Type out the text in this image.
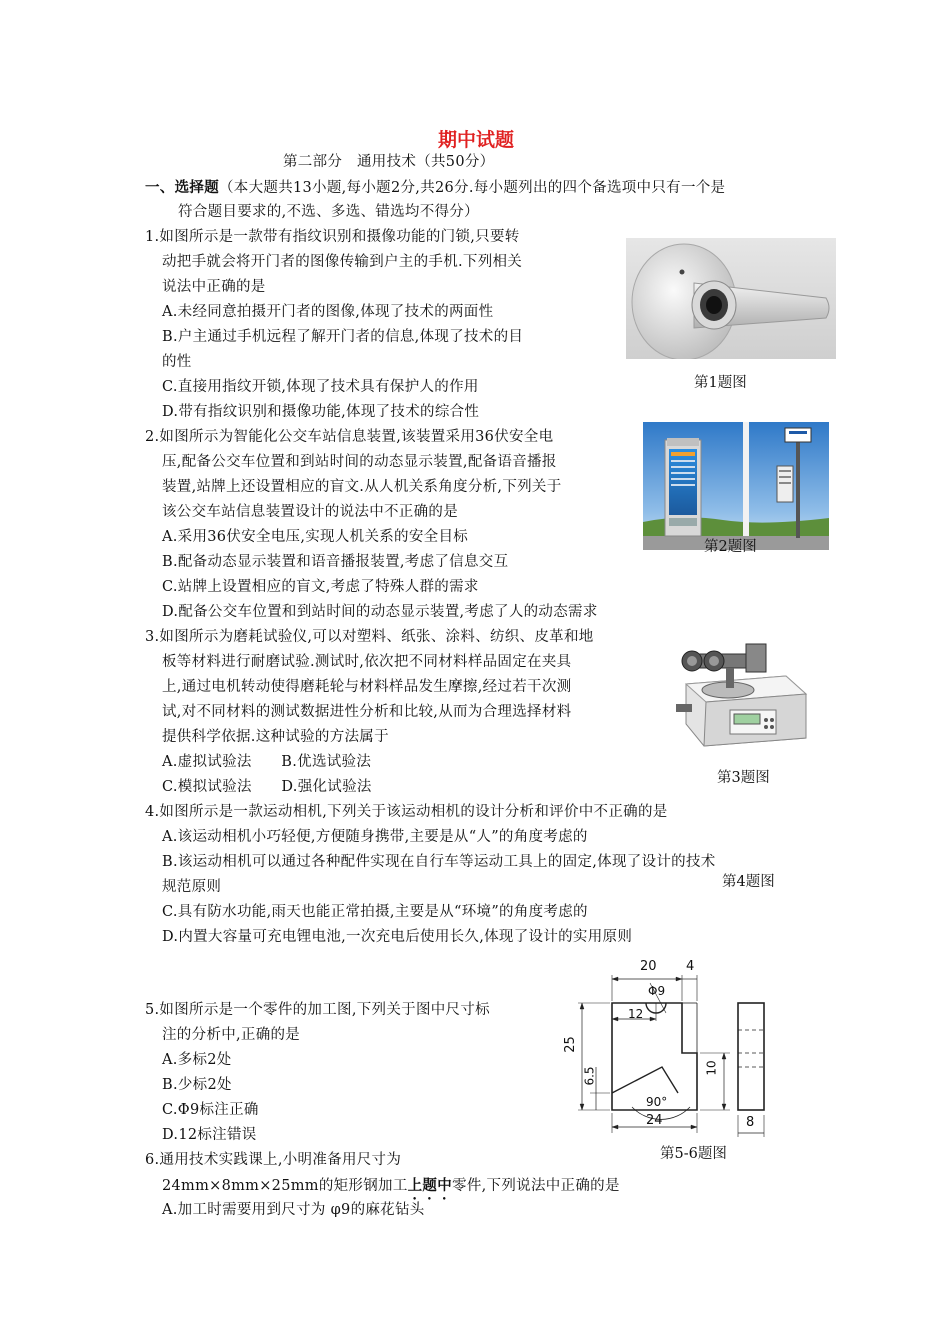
期中试题
第二部分　通用技术（共50分）
一、选择题（本大题共13小题,每小题2分,共26分.每小题列出的四个备选项中只有一个是
符合题目要求的,不选、多选、错选均不得分）
1.如图所示是一款带有指纹识别和摄像功能的门锁,只要转
动把手就会将开门者的图像传输到户主的手机.下列相关
说法中正确的是
A.未经同意拍摄开门者的图像,体现了技术的两面性
B.户主通过手机远程了解开门者的信息,体现了技术的目
的性
C.直接用指纹开锁,体现了技术具有保护人的作用
D.带有指纹识别和摄像功能,体现了技术的综合性
第1题图
2.如图所示为智能化公交车站信息装置,该装置采用36伏安全电
压,配备公交车位置和到站时间的动态显示装置,配备语音播报
装置,站牌上还设置相应的盲文.从人机关系角度分析,下列关于
该公交车站信息装置设计的说法中不正确的是
A.采用36伏安全电压,实现人机关系的安全目标
B.配备动态显示装置和语音播报装置,考虑了信息交互
C.站牌上设置相应的盲文,考虑了特殊人群的需求
D.配备公交车位置和到站时间的动态显示装置,考虑了人的动态需求
第2题图
3.如图所示为磨耗试验仪,可以对塑料、纸张、涂料、纺织、皮革和地
板等材料进行耐磨试验.测试时,依次把不同材料样品固定在夹具
上,通过电机转动使得磨耗轮与材料样品发生摩擦,经过若干次测
试,对不同材料的测试数据进性分析和比较,从而为合理选择材料
提供科学依据.这种试验的方法属于
A.虚拟试验法　　B.优选试验法
C.模拟试验法　　D.强化试验法
第3题图
4.如图所示是一款运动相机,下列关于该运动相机的设计分析和评价中不正确的是
A.该运动相机小巧轻便,方便随身携带,主要是从“人”的角度考虑的
B.该运动相机可以通过各种配件实现在自行车等运动工具上的固定,体现了设计的技术
规范原则	第4题图
C.具有防水功能,雨天也能正常拍摄,主要是从“环境”的角度考虑的
D.内置大容量可充电锂电池,一次充电后使用长久,体现了设计的实用原则
5.如图所示是一个零件的加工图,下列关于图中尺寸标
注的分析中,正确的是
A.多标2处
B.少标2处
C.Φ9标注正确
D.12标注错误
20 4
Φ9
12
25
10
6.5
90°
24	8
第5-6题图
6.通用技术实践课上,小明准备用尺寸为
24mm×8mm×25mm的矩形钢加工上题中零件,下列说法中正确的是
A.加工时需要用到尺寸为 φ9的麻花钻头
